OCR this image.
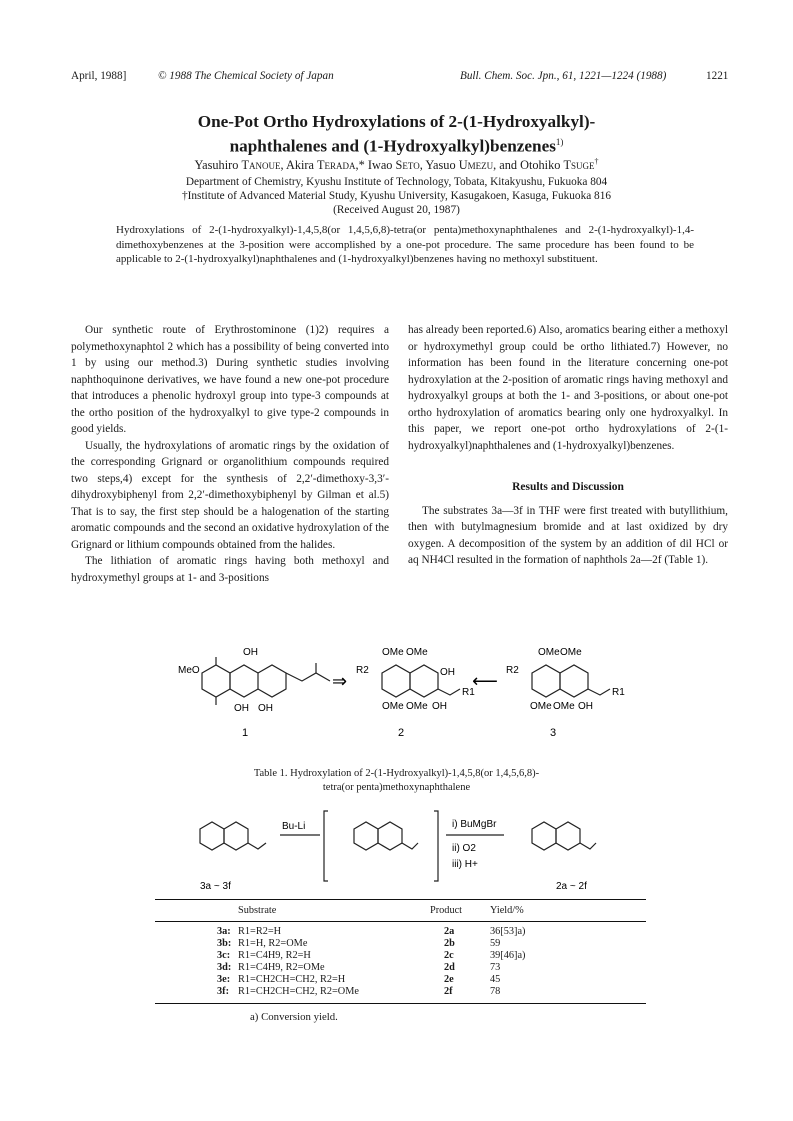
April, 1988]	© 1988 The Chemical Society of Japan	Bull. Chem. Soc. Jpn., 61, 1221—1224 (1988)	1221
One-Pot Ortho Hydroxylations of 2-(1-Hydroxyalkyl)-
naphthalenes and (1-Hydroxyalkyl)benzenes$^{1)}$
Yasuhiro Tanoue, Akira Terada,* Iwao Seto, Yasuo Umezu, and Otohiko Tsuge†
Department of Chemistry, Kyushu Institute of Technology, Tobata, Kitakyushu, Fukuoka 804
†Institute of Advanced Material Study, Kyushu University, Kasugakoen, Kasuga, Fukuoka 816
(Received August 20, 1987)
Hydroxylations of 2-(1-hydroxyalkyl)-1,4,5,8(or 1,4,5,6,8)-tetra(or penta)methoxynaphthalenes and 2-(1-hydroxyalkyl)-1,4-dimethoxybenzenes at the 3-position were accomplished by a one-pot procedure. The same procedure has been found to be applicable to 2-(1-hydroxyalkyl)naphthalenes and (1-hydroxyalkyl)benzenes having no methoxyl substituent.

Our synthetic route of Erythrostominone (1)2) requires a polymethoxynaphtol 2 which has a possibility of being converted into 1 by using our method.3) During synthetic studies involving naphthoquinone derivatives, we have found a new one-pot procedure that introduces a phenolic hydroxyl group into type-3 compounds at the ortho position of the hydroxyalkyl to give type-2 compounds in good yields.

Usually, the hydroxylations of aromatic rings by the oxidation of the corresponding Grignard or organolithium compounds required two steps,4) except for the synthesis of 2,2′-dimethoxy-3,3′-dihydroxybiphenyl from 2,2′-dimethoxybiphenyl by Gilman et al.5) That is to say, the first step should be a halogenation of the starting aromatic compounds and the second an oxidative hydroxylation of the Grignard or lithium compounds obtained from the halides.

The lithiation of aromatic rings having both methoxyl and hydroxymethyl groups at 1- and 3-positions

has already been reported.6) Also, aromatics bearing either a methoxyl or hydroxymethyl group could be ortho lithiated.7) However, no information has been found in the literature concerning one-pot hydroxylation at the 2-position of aromatic rings having methoxyl and hydroxyalkyl groups at both the 1- and 3-positions, or about one-pot ortho hydroxylation of aromatics bearing only one hydroxyalkyl. In this paper, we report one-pot ortho hydroxylations of 2-(1-hydroxyalkyl)naphthalenes and (1-hydroxyalkyl)benzenes.

Results and Discussion

The substrates 3a—3f in THF were first treated with butyllithium, then with butylmagnesium bromide and at last oxidized by dry oxygen. A decomposition of the system by an addition of dil HCl or aq NH4Cl resulted in the formation of naphthols 2a—2f (Table 1).

MeO
OH
OH OH
1
⇒
R2
OMe OMe
OH
R1
OMe OMe OH
2
⟵
R2
OMe OMe
R1
OMe OMe OH
3
Table 1. Hydroxylation of 2-(1-Hydroxyalkyl)-1,4,5,8(or 1,4,5,6,8)-
tetra(or penta)methoxynaphthalene
Bu-Li	i) BuMgBr
ii) O2
iii) H+
3a ~ 3f	2a ~ 2f
Substrate	Product	Yield/%
3a: R1=R2=H	2a	36[53]a)
3b: R1=H, R2=OMe	2b	59
3c: R1=C4H9, R2=H	2c	39[46]a)
3d: R1=C4H9, R2=OMe	2d	73
3e: R1=CH2CH=CH2, R2=H	2e	45
3f: R1=CH2CH=CH2, R2=OMe	2f	78
a) Conversion yield.
